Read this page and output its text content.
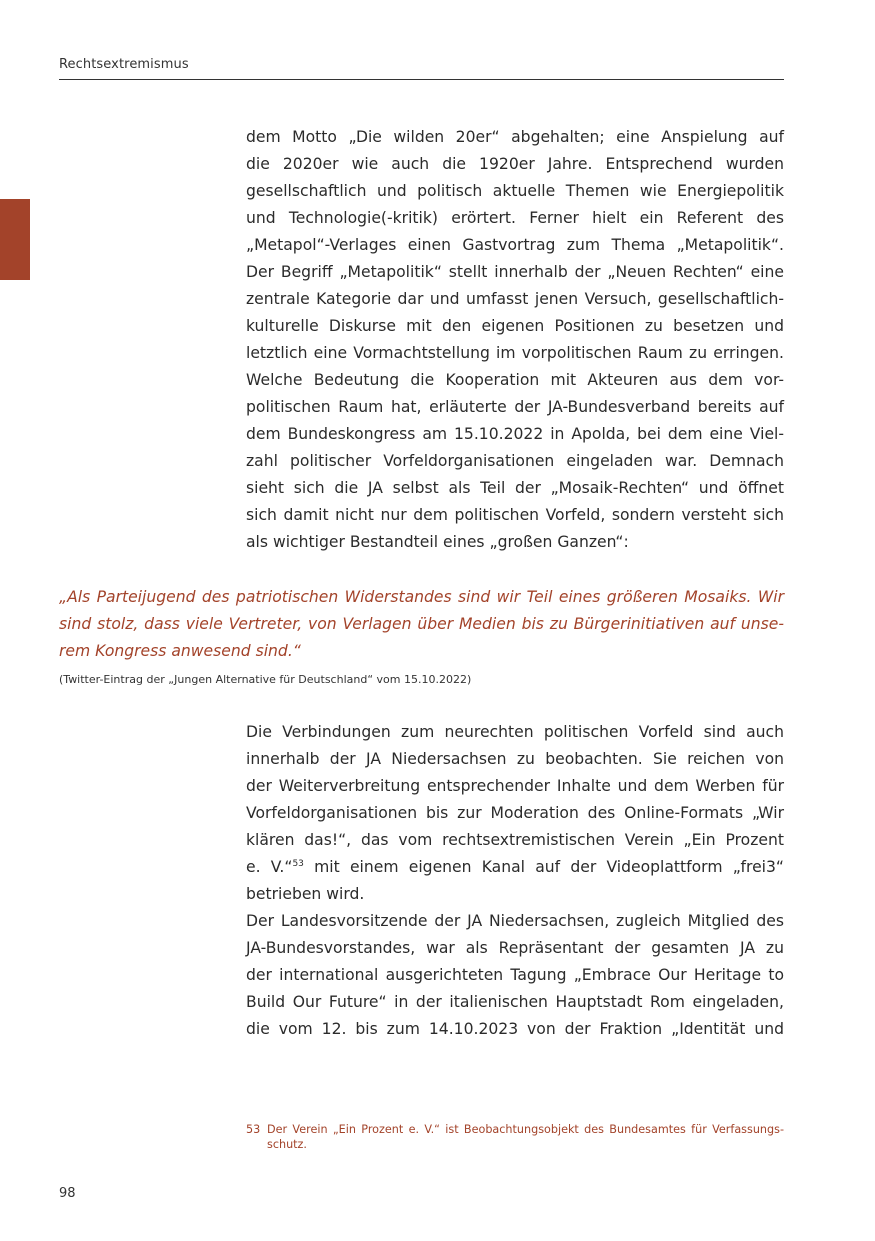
Rechtsextremismus
dem Motto „Die wilden 20er“ abgehalten; eine Anspielung auf
die 2020er wie auch die 1920er Jahre. Entsprechend wurden
gesellschaftlich und politisch aktuelle Themen wie Energiepolitik
und Technologie(-kritik) erörtert. Ferner hielt ein Referent des
„Metapol“-Verlages einen Gastvortrag zum Thema „Metapolitik“.
Der Begriff „Metapolitik“ stellt innerhalb der „Neuen Rechten“ eine
zentrale Kategorie dar und umfasst jenen Versuch, gesellschaftlich-
kulturelle Diskurse mit den eigenen Positionen zu besetzen und
letztlich eine Vormachtstellung im vorpolitischen Raum zu erringen.
Welche Bedeutung die Kooperation mit Akteuren aus dem vor-
politischen Raum hat, erläuterte der JA-Bundesverband bereits auf
dem Bundeskongress am 15.10.2022 in Apolda, bei dem eine Viel-
zahl politischer Vorfeldorganisationen eingeladen war. Demnach
sieht sich die JA selbst als Teil der „Mosaik-Rechten“ und öffnet
sich damit nicht nur dem politischen Vorfeld, sondern versteht sich
als wichtiger Bestandteil eines „großen Ganzen“:
„Als Parteijugend des patriotischen Widerstandes sind wir Teil eines größeren Mosaiks. Wir
sind stolz, dass viele Vertreter, von Verlagen über Medien bis zu Bürgerinitiativen auf unse-
rem Kongress anwesend sind.“
(Twitter-Eintrag der „Jungen Alternative für Deutschland“ vom 15.10.2022)
Die Verbindungen zum neurechten politischen Vorfeld sind auch
innerhalb der JA Niedersachsen zu beobachten. Sie reichen von
der Weiterverbreitung entsprechender Inhalte und dem Werben für
Vorfeldorganisationen bis zur Moderation des Online-Formats „Wir
klären das!“, das vom rechtsextremistischen Verein „Ein Prozent
e. V.“$^{53}$ mit einem eigenen Kanal auf der Videoplattform „frei3“
betrieben wird.
Der Landesvorsitzende der JA Niedersachsen, zugleich Mitglied des
JA-Bundesvorstandes, war als Repräsentant der gesamten JA zu
der international ausgerichteten Tagung „Embrace Our Heritage to
Build Our Future“ in der italienischen Hauptstadt Rom eingeladen,
die vom 12. bis zum 14.10.2023 von der Fraktion „Identität und
53 Der Verein „Ein Prozent e. V.“ ist Beobachtungsobjekt des Bundesamtes für Verfassungs-schutz.
98
